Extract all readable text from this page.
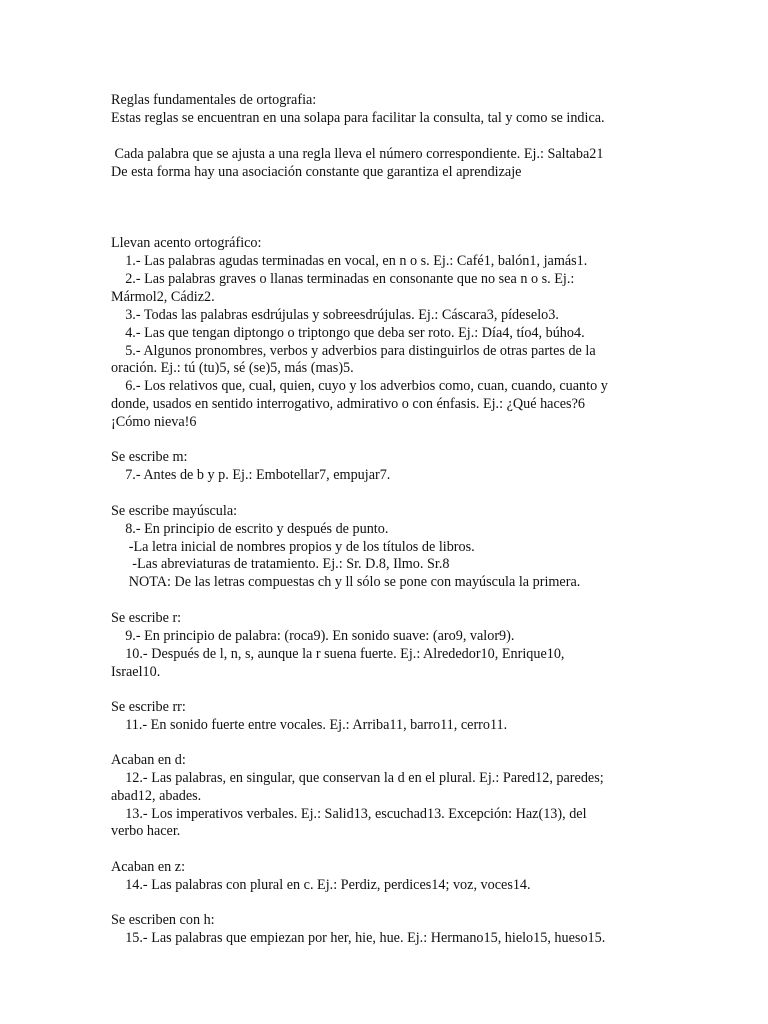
Reglas fundamentales de ortografia:
Estas reglas se encuentran en una solapa para facilitar la consulta, tal y como se indica.
Cada palabra que se ajusta a una regla lleva el número correspondiente. Ej.: Saltaba21
De esta forma hay una asociación constante que garantiza el aprendizaje
Llevan acento ortográfico:
1.- Las palabras agudas terminadas en vocal, en n o s. Ej.: Café1, balón1, jamás1.
2.- Las palabras graves o llanas terminadas en consonante que no sea n o s. Ej.:
Mármol2, Cádiz2.
3.- Todas las palabras esdrújulas y sobreesdrújulas. Ej.: Cáscara3, pídeselo3.
4.- Las que tengan diptongo o triptongo que deba ser roto. Ej.: Día4, tío4, búho4.
5.- Algunos pronombres, verbos y adverbios para distinguirlos de otras partes de la
oración. Ej.: tú (tu)5, sé (se)5, más (mas)5.
6.- Los relativos que, cual, quien, cuyo y los adverbios como, cuan, cuando, cuanto y
donde, usados en sentido interrogativo, admirativo o con énfasis. Ej.: ¿Qué haces?6
¡Cómo nieva!6
Se escribe m:
7.- Antes de b y p. Ej.: Embotellar7, empujar7.
Se escribe mayúscula:
8.- En principio de escrito y después de punto.
-La letra inicial de nombres propios y de los títulos de libros.
-Las abreviaturas de tratamiento. Ej.: Sr. D.8, Ilmo. Sr.8
NOTA: De las letras compuestas ch y ll sólo se pone con mayúscula la primera.
Se escribe r:
9.- En principio de palabra: (roca9). En sonido suave: (aro9, valor9).
10.- Después de l, n, s, aunque la r suena fuerte. Ej.: Alrededor10, Enrique10,
Israel10.
Se escribe rr:
11.- En sonido fuerte entre vocales. Ej.: Arriba11, barro11, cerro11.
Acaban en d:
12.- Las palabras, en singular, que conservan la d en el plural. Ej.: Pared12, paredes;
abad12, abades.
13.- Los imperativos verbales. Ej.: Salid13, escuchad13. Excepción: Haz(13), del
verbo hacer.
Acaban en z:
14.- Las palabras con plural en c. Ej.: Perdiz, perdices14; voz, voces14.
Se escriben con h:
15.- Las palabras que empiezan por her, hie, hue. Ej.: Hermano15, hielo15, hueso15.
